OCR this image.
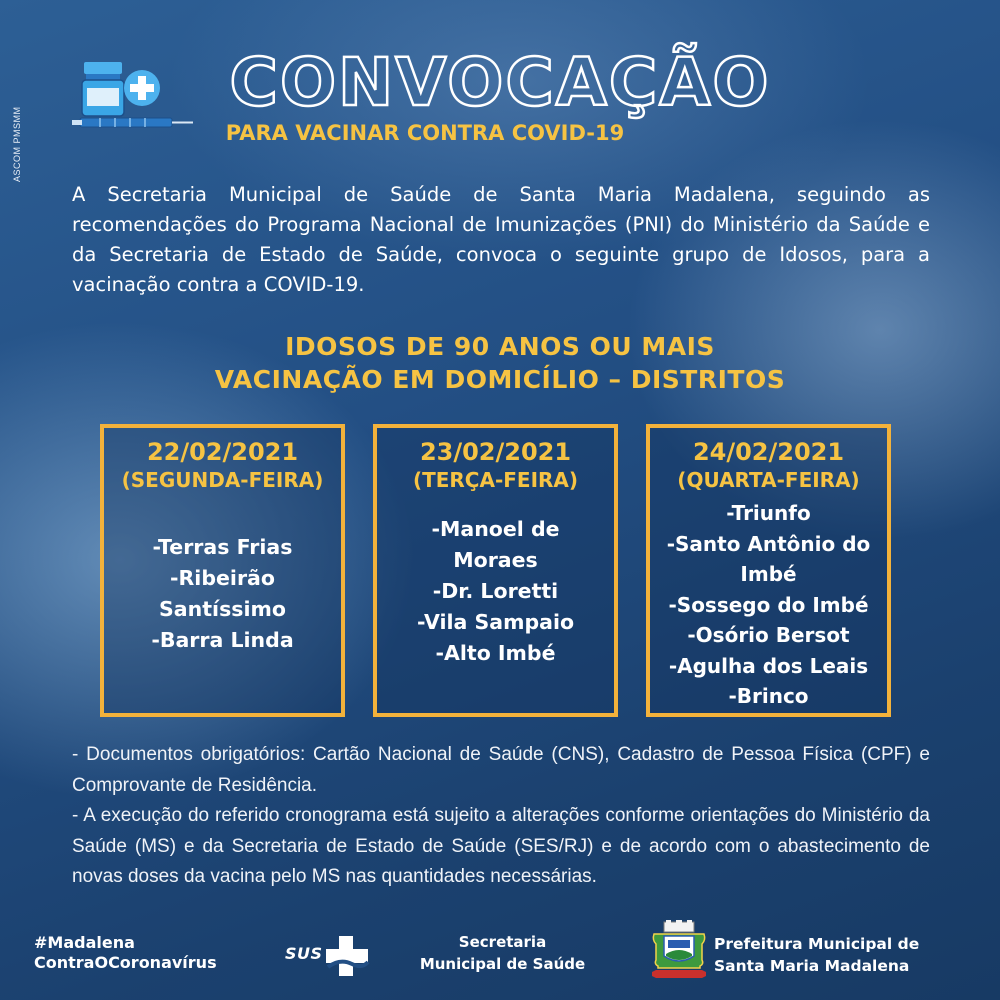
ASCOM PMSMM
CONVOCAÇÃO
PARA VACINAR CONTRA COVID-19
A Secretaria Municipal de Saúde de Santa Maria Madalena, seguindo as recomendações do Programa Nacional de Imunizações (PNI) do Ministério da Saúde e da Secretaria de Estado de Saúde, convoca o seguinte grupo de Idosos, para a vacinação contra a COVID-19.
IDOSOS DE 90 ANOS OU MAIS
VACINAÇÃO EM DOMICÍLIO – DISTRITOS
22/02/2021
(SEGUNDA-FEIRA)
-Terras Frias
-Ribeirão
Santíssimo
-Barra Linda
23/02/2021
(TERÇA-FEIRA)
-Manoel de
Moraes
-Dr. Loretti
-Vila Sampaio
-Alto Imbé
24/02/2021
(QUARTA-FEIRA)
-Triunfo
-Santo Antônio do
Imbé
-Sossego do Imbé
-Osório Bersot
-Agulha dos Leais
-Brinco

- Documentos obrigatórios: Cartão Nacional de Saúde (CNS), Cadastro de Pessoa Física (CPF) e Comprovante de Residência.

- A execução do referido cronograma está sujeito a alterações conforme orientações do Ministério da Saúde (MS) e da Secretaria de Estado de Saúde (SES/RJ) e de acordo com o abastecimento de novas doses da vacina pelo MS nas quantidades necessárias.

#Madalena
ContraOCoronavírus	SUS
Secretaria
Municipal de Saúde
Prefeitura Municipal de
Santa Maria Madalena
